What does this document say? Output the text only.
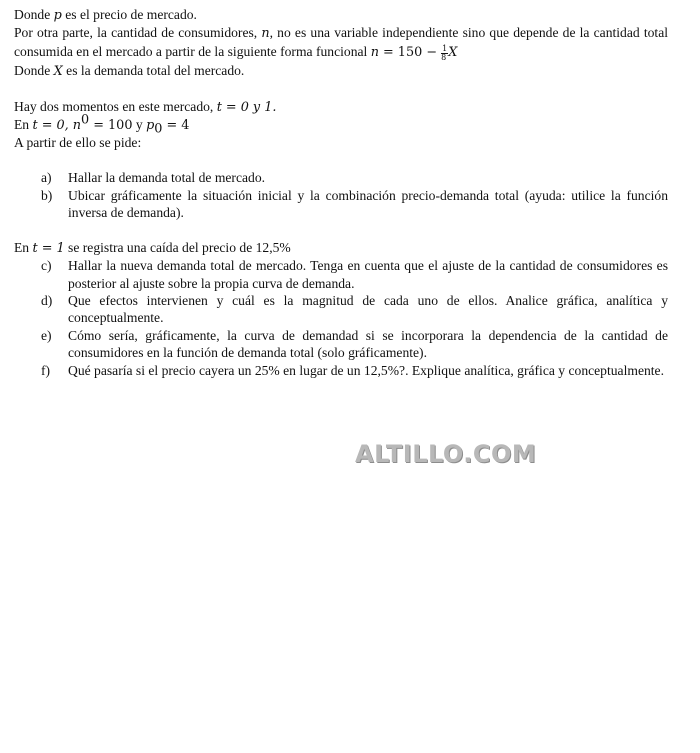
Donde p es el precio de mercado.

Por otra parte, la cantidad de consumidores, n, no es una variable independiente sino que depende de la cantidad total consumida en el mercado a partir de la siguiente forma funcional $n = 150 - \frac{1}{8}$ X

Donde X es la demanda total del mercado.

Hay dos momentos en este mercado, t = 0 y 1.

En t = 0, $n^0 = 100$ y $p_0 = 4$

A partir de ello se pide:

a)	Hallar la demanda total de mercado.
b)	Ubicar gráficamente la situación inicial y la combinación precio-demanda total (ayuda: utilice la función inversa de demanda).

En t = 1 se registra una caída del precio de 12,5%

c)	Hallar la nueva demanda total de mercado. Tenga en cuenta que el ajuste de la cantidad de consumidores es posterior al ajuste sobre la propia curva de demanda.
d)	Que efectos intervienen y cuál es la magnitud de cada uno de ellos. Analice gráfica, analítica y conceptualmente.
e)	Cómo sería, gráficamente, la curva de demandad si se incorporara la dependencia de la cantidad de consumidores en la función de demanda total (solo gráficamente).
f)	Qué pasaría si el precio cayera un 25% en lugar de un 12,5%?. Explique analítica, gráfica y conceptualmente.
ALTILLO.COM
